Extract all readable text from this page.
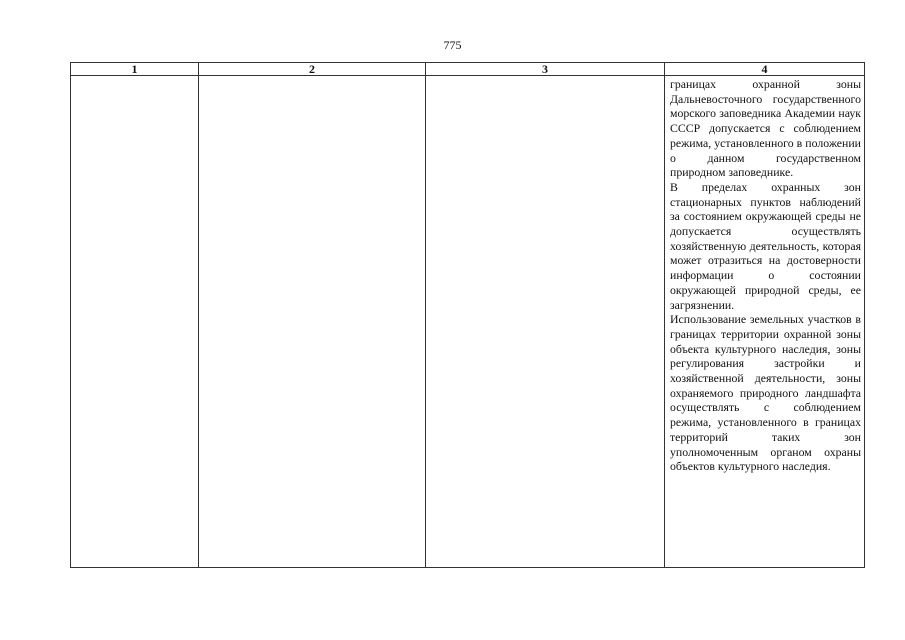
775
1	2	3	4

			границах охранной зоны Дальневосточного государственного морского заповедника Академии наук СССР допускается с соблюдением режима, установленного в положении о данном государственном природном заповеднике.

В пределах охранных зон стационарных пунктов наблюдений за состоянием окружающей среды не допускается осуществлять хозяйственную деятельность, которая может отразиться на достоверности информации о состоянии окружающей природной среды, ее загрязнении.

Использование земельных участков в границах территории охранной зоны объекта культурного наследия, зоны регулирования застройки и хозяйственной деятельности, зоны охраняемого природного ландшафта осуществлять с соблюдением режима, установленного в границах территорий таких зон уполномоченным органом охраны объектов культурного наследия.
